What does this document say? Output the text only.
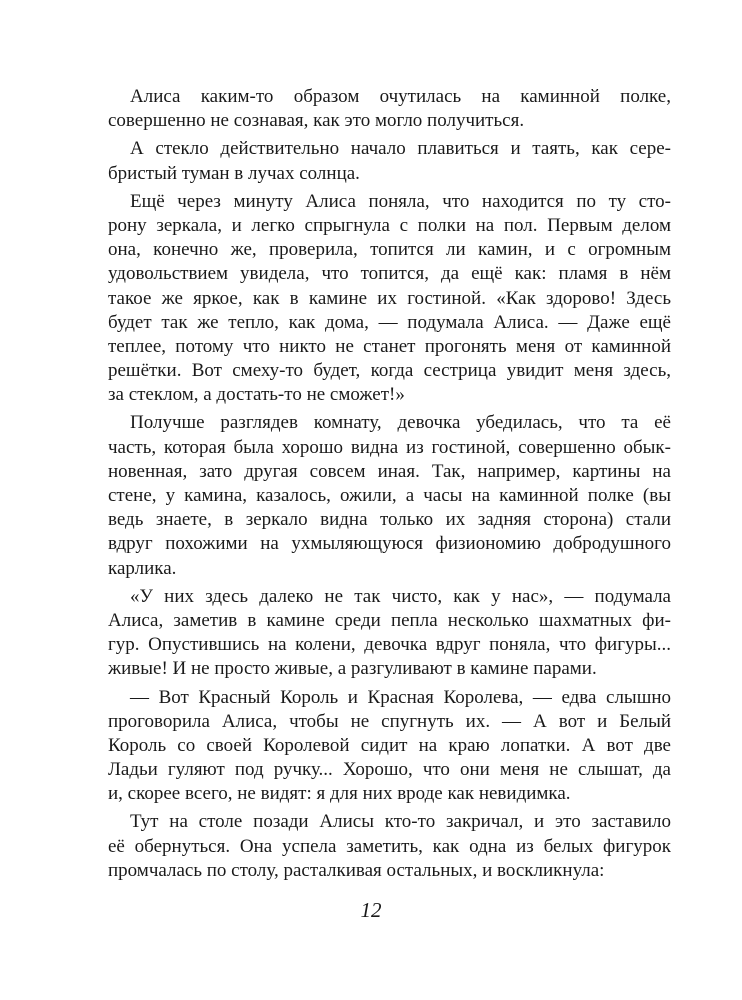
Алиса каким-то образом очутилась на каминной полке,
совершенно не сознавая, как это могло получиться.
А стекло действительно начало плавиться и таять, как сере-
бристый туман в лучах солнца.
Ещё через минуту Алиса поняла, что находится по ту сто-
рону зеркала, и легко спрыгнула с полки на пол. Первым делом
она, конечно же, проверила, топится ли камин, и с огромным
удовольствием увидела, что топится, да ещё как: пламя в нём
такое же яркое, как в камине их гостиной. «Как здорово! Здесь
будет так же тепло, как дома, — подумала Алиса. — Даже ещё
теплее, потому что никто не станет прогонять меня от каминной
решётки. Вот смеху-то будет, когда сестрица увидит меня здесь,
за стеклом, а достать-то не сможет!»
Получше разглядев комнату, девочка убедилась, что та её
часть, которая была хорошо видна из гостиной, совершенно обык-
новенная, зато другая совсем иная. Так, например, картины на
стене, у камина, казалось, ожили, а часы на каминной полке (вы
ведь знаете, в зеркало видна только их задняя сторона) стали
вдруг похожими на ухмыляющуюся физиономию добродушного
карлика.
«У них здесь далеко не так чисто, как у нас», — подумала
Алиса, заметив в камине среди пепла несколько шахматных фи-
гур. Опустившись на колени, девочка вдруг поняла, что фигуры...
живые! И не просто живые, а разгуливают в камине парами.
— Вот Красный Король и Красная Королева, — едва слышно
проговорила Алиса, чтобы не спугнуть их. — А вот и Белый
Король со своей Королевой сидит на краю лопатки. А вот две
Ладьи гуляют под ручку... Хорошо, что они меня не слышат, да
и, скорее всего, не видят: я для них вроде как невидимка.
Тут на столе позади Алисы кто-то закричал, и это заставило
её обернуться. Она успела заметить, как одна из белых фигурок
промчалась по столу, расталкивая остальных, и воскликнула:
12
